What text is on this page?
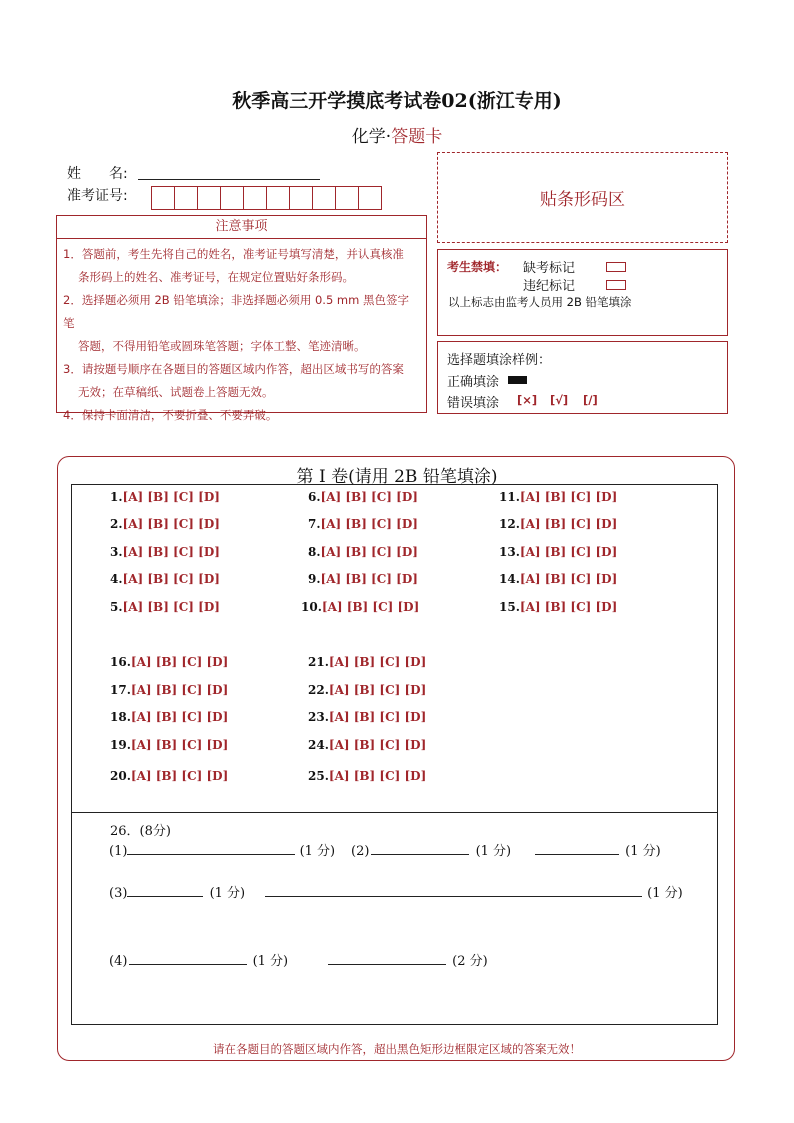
秋季高三开学摸底考试卷02(浙江专用)
化学·答题卡
姓　　名:
准考证号:
注意事项
1．答题前，考生先将自己的姓名，准考证号填写清楚，并认真核准
条形码上的姓名、准考证号，在规定位置贴好条形码。
2．选择题必须用 2B 铅笔填涂；非选择题必须用 0.5 mm 黑色签字笔
答题，不得用铅笔或圆珠笔答题；字体工整、笔迹清晰。
3．请按题号顺序在各题目的答题区域内作答，超出区域书写的答案
无效；在草稿纸、试题卷上答题无效。
4．保持卡面清洁，不要折叠、不要弄破。
贴条形码区
考生禁填： 缺考标记
违纪标记
以上标志由监考人员用 2B 铅笔填涂
选择题填涂样例：
正确填涂
错误填涂 [×] [√] [/]
第 I 卷(请用 2B 铅笔填涂)
1.[A] [B] [C] [D]
2.[A] [B] [C] [D]
3.[A] [B] [C] [D]
4.[A] [B] [C] [D]
5.[A] [B] [C] [D]
6.[A] [B] [C] [D]
7.[A] [B] [C] [D]
8.[A] [B] [C] [D]
9.[A] [B] [C] [D]
10.[A] [B] [C] [D]
11.[A] [B] [C] [D]
12.[A] [B] [C] [D]
13.[A] [B] [C] [D]
14.[A] [B] [C] [D]
15.[A] [B] [C] [D]
16.[A] [B] [C] [D]
17.[A] [B] [C] [D]
18.[A] [B] [C] [D]
19.[A] [B] [C] [D]
20.[A] [B] [C] [D]
21.[A] [B] [C] [D]
22.[A] [B] [C] [D]
23.[A] [B] [C] [D]
24.[A] [B] [C] [D]
25.[A] [B] [C] [D]
26．(8分)
(1)	(1 分) (2)	(1 分)	(1 分)
(3)	(1 分)	(1 分)
(4)	(1 分)	(2 分)
请在各题目的答题区域内作答，超出黑色矩形边框限定区域的答案无效！
